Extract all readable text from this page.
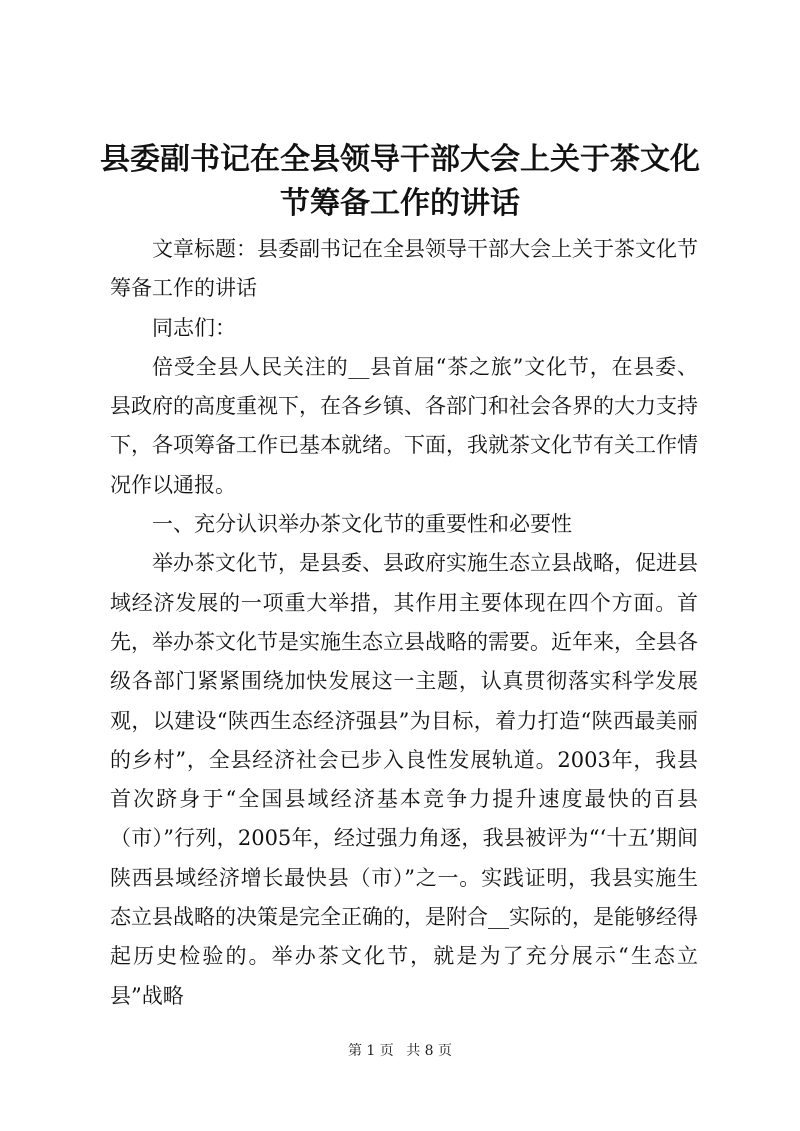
县委副书记在全县领导干部大会上关于茶文化
节筹备工作的讲话

文章标题：县委副书记在全县领导干部大会上关于茶文化节筹备工作的讲话

同志们：

倍受全县人民关注的__县首届“茶之旅”文化节，在县委、县政府的高度重视下，在各乡镇、各部门和社会各界的大力支持下，各项筹备工作已基本就绪。下面，我就茶文化节有关工作情况作以通报。

一、充分认识举办茶文化节的重要性和必要性

举办茶文化节，是县委、县政府实施生态立县战略，促进县域经济发展的一项重大举措，其作用主要体现在四个方面。首先，举办茶文化节是实施生态立县战略的需要。近年来，全县各级各部门紧紧围绕加快发展这一主题，认真贯彻落实科学发展观，以建设“陕西生态经济强县”为目标，着力打造“陕西最美丽的乡村”，全县经济社会已步入良性发展轨道。2003年，我县首次跻身于“全国县域经济基本竞争力提升速度最快的百县（市）”行列，2005年，经过强力角逐，我县被评为“‘十五’期间陕西县域经济增长最快县（市）”之一。实践证明，我县实施生态立县战略的决策是完全正确的，是附合__实际的，是能够经得起历史检验的。举办茶文化节，就是为了充分展示“生态立县”战略

第 1 页 共 8 页
